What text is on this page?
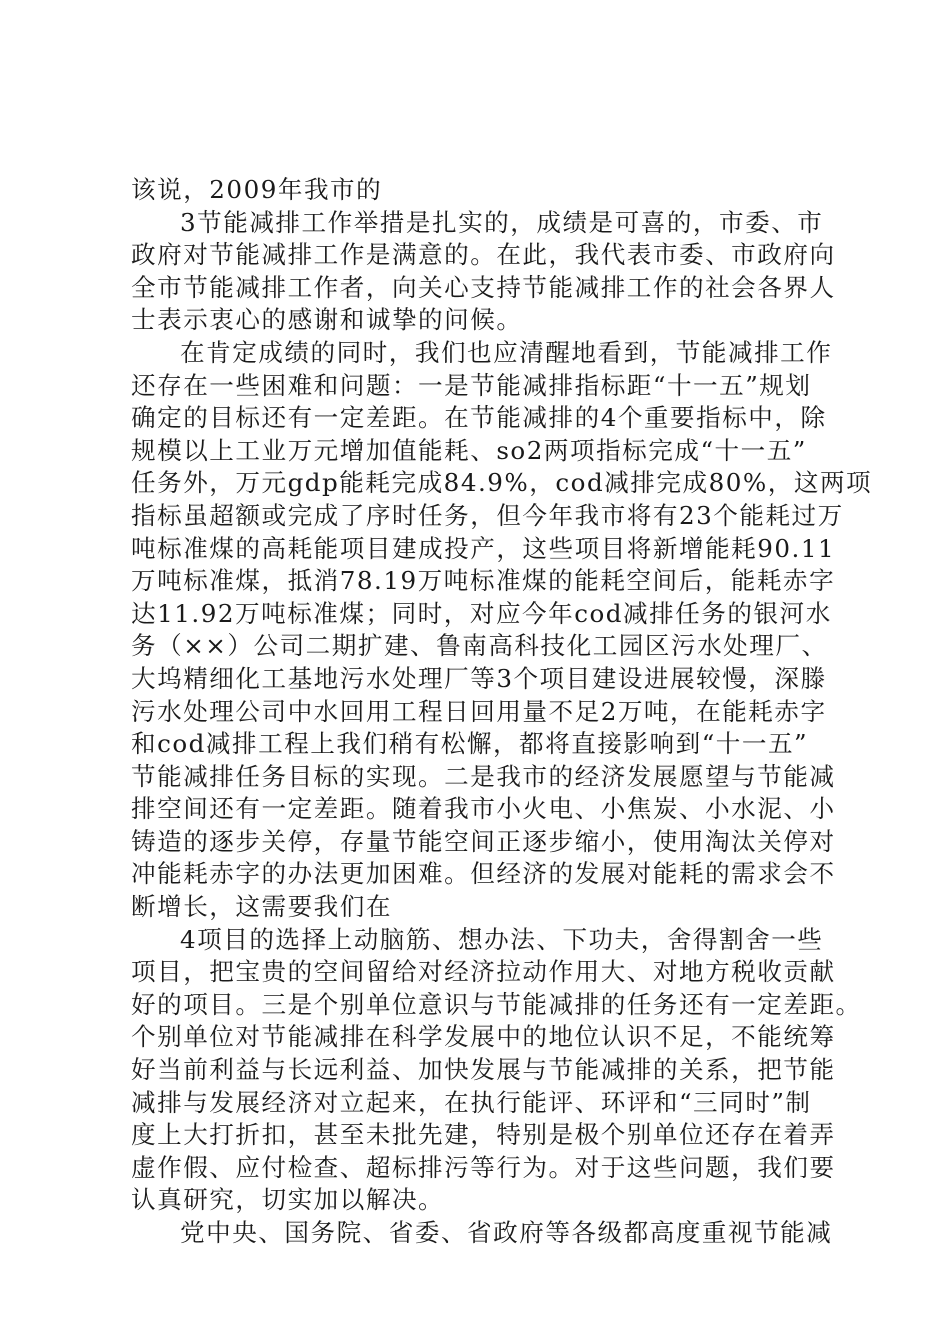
该说，2009年我市的
3节能减排工作举措是扎实的，成绩是可喜的，市委、市
政府对节能减排工作是满意的。在此，我代表市委、市政府向
全市节能减排工作者，向关心支持节能减排工作的社会各界人
士表示衷心的感谢和诚挚的问候。
在肯定成绩的同时，我们也应清醒地看到，节能减排工作
还存在一些困难和问题：一是节能减排指标距“十一五”规划
确定的目标还有一定差距。在节能减排的4个重要指标中，除
规模以上工业万元增加值能耗、so2两项指标完成“十一五”
任务外，万元gdp能耗完成84.9%，cod减排完成80%，这两项
指标虽超额或完成了序时任务，但今年我市将有23个能耗过万
吨标准煤的高耗能项目建成投产，这些项目将新增能耗90.11
万吨标准煤，抵消78.19万吨标准煤的能耗空间后，能耗赤字
达11.92万吨标准煤；同时，对应今年cod减排任务的银河水
务（××）公司二期扩建、鲁南高科技化工园区污水处理厂、
大坞精细化工基地污水处理厂等3个项目建设进展较慢，深滕
污水处理公司中水回用工程日回用量不足2万吨，在能耗赤字
和cod减排工程上我们稍有松懈，都将直接影响到“十一五”
节能减排任务目标的实现。二是我市的经济发展愿望与节能减
排空间还有一定差距。随着我市小火电、小焦炭、小水泥、小
铸造的逐步关停，存量节能空间正逐步缩小，使用淘汰关停对
冲能耗赤字的办法更加困难。但经济的发展对能耗的需求会不
断增长，这需要我们在
4项目的选择上动脑筋、想办法、下功夫，舍得割舍一些
项目，把宝贵的空间留给对经济拉动作用大、对地方税收贡献
好的项目。三是个别单位意识与节能减排的任务还有一定差距。
个别单位对节能减排在科学发展中的地位认识不足，不能统筹
好当前利益与长远利益、加快发展与节能减排的关系，把节能
减排与发展经济对立起来，在执行能评、环评和“三同时”制
度上大打折扣，甚至未批先建，特别是极个别单位还存在着弄
虚作假、应付检查、超标排污等行为。对于这些问题，我们要
认真研究，切实加以解决。
党中央、国务院、省委、省政府等各级都高度重视节能减
